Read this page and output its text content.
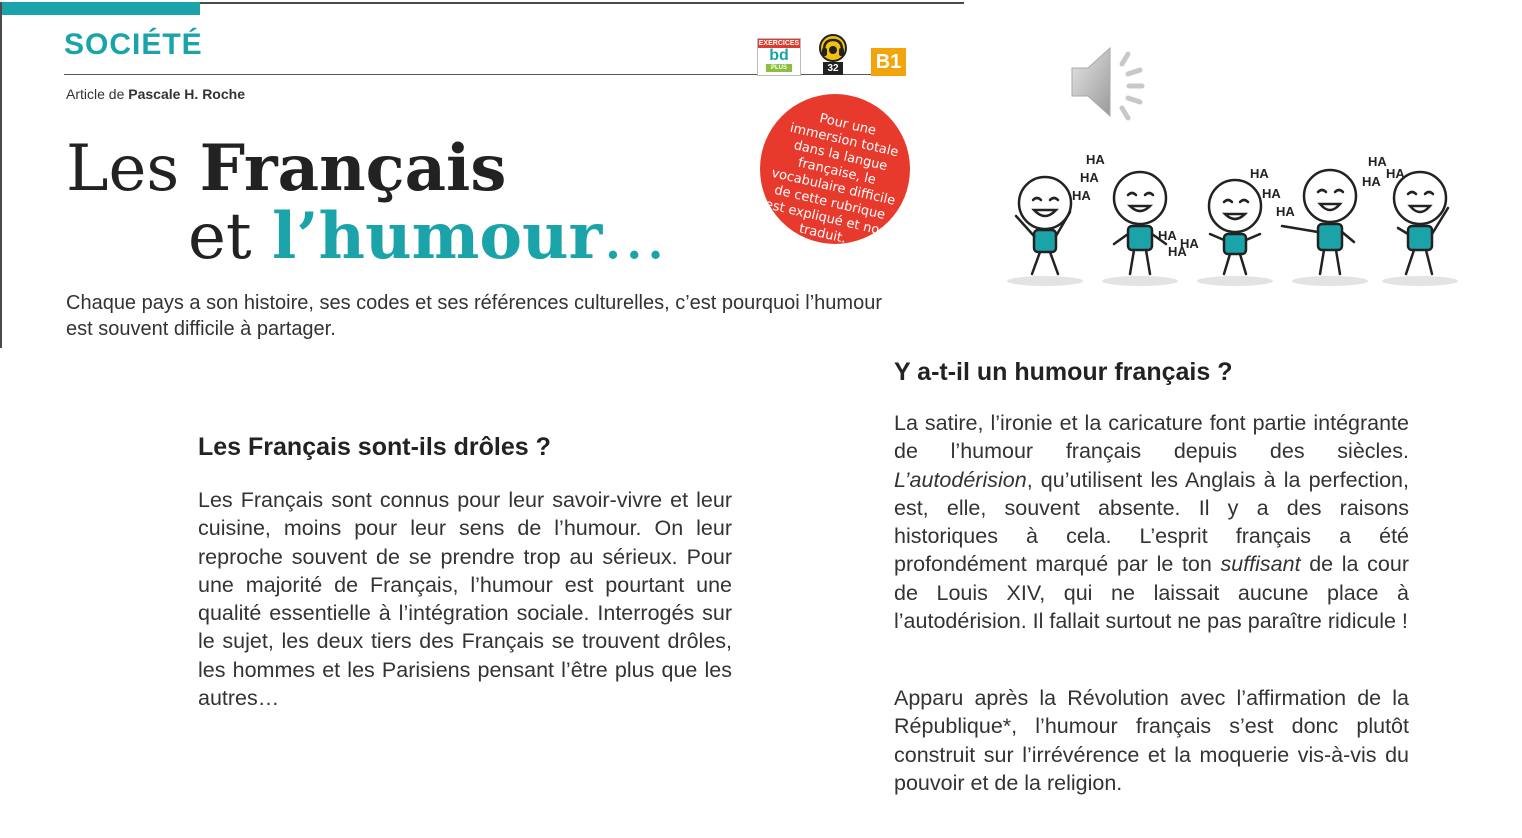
SOCIÉTÉ	EXERCICES
bd
PLUS	32 B1
Article de Pascale H. Roche
Les Français
et l’humour…
Pour une immersion totale dans la langue française, le vocabulaire difficile de cette rubrique est expliqué et non traduit.
Chaque pays a son histoire, ses codes et ses références culturelles, c’est pourquoi l’humour est souvent difficile à partager.
HA
HA
HA
HA
HA
HA
HA
HA
HA
HA
HA
HA
Les Français sont-ils drôles ?
Les Français sont connus pour leur savoir-vivre et leur cuisine, moins pour leur sens de l’humour. On leur reproche souvent de se prendre trop au sérieux. Pour une majorité de Français, l’humour est pourtant une qualité essentielle à l’intégration sociale. Interrogés sur le sujet, les deux tiers des Français se trouvent drôles, les hommes et les Parisiens pensant l’être plus que les autres…
Y a-t-il un humour français ?
La satire, l’ironie et la caricature font partie intégrante de l’humour français depuis des siècles. L’autodérision, qu’utilisent les Anglais à la perfection, est, elle, souvent absente. Il y a des raisons historiques à cela. L’esprit français a été profondément marqué par le ton suffisant de la cour de Louis XIV, qui ne laissait aucune place à l’autodérision. Il fallait surtout ne pas paraître ridicule !
Apparu après la Révolution avec l’affirmation de la République*, l’humour français s’est donc plutôt construit sur l’irrévérence et la moquerie vis-à-vis du pouvoir et de la religion.
